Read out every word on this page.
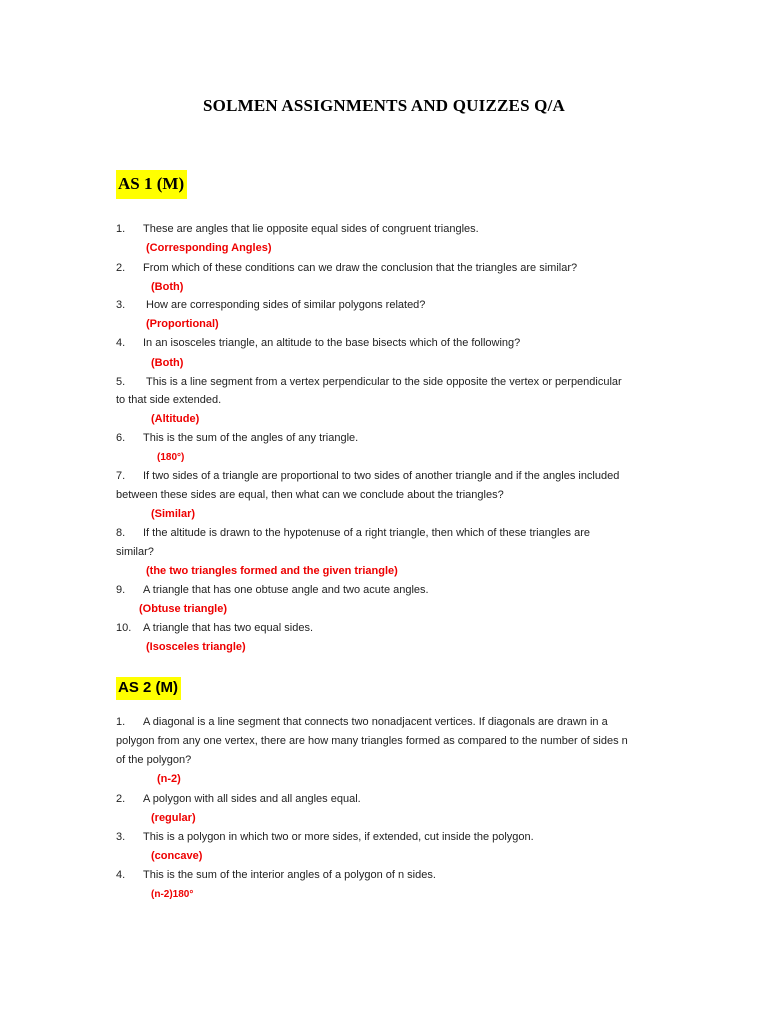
SOLMEN ASSIGNMENTS AND QUIZZES Q/A
AS 1 (M)
1. These are angles that lie opposite equal sides of congruent triangles.
(Corresponding Angles)
2. From which of these conditions can we draw the conclusion that the triangles are similar?
(Both)
3. How are corresponding sides of similar polygons related?
(Proportional)
4. In an isosceles triangle, an altitude to the base bisects which of the following?
(Both)
5. This is a line segment from a vertex perpendicular to the side opposite the vertex or perpendicular
to that side extended.
(Altitude)
6. This is the sum of the angles of any triangle.
(180°)
7. If two sides of a triangle are proportional to two sides of another triangle and if the angles included
between these sides are equal, then what can we conclude about the triangles?
(Similar)
8. If the altitude is drawn to the hypotenuse of a right triangle, then which of these triangles are
similar?
(the two triangles formed and the given triangle)
9. A triangle that has one obtuse angle and two acute angles.
(Obtuse triangle)
10. A triangle that has two equal sides.
(Isosceles triangle)
AS 2 (M)
1. A diagonal is a line segment that connects two nonadjacent vertices. If diagonals are drawn in a
polygon from any one vertex, there are how many triangles formed as compared to the number of sides n
of the polygon?
(n-2)
2. A polygon with all sides and all angles equal.
(regular)
3. This is a polygon in which two or more sides, if extended, cut inside the polygon.
(concave)
4. This is the sum of the interior angles of a polygon of n sides.
(n-2)180°
